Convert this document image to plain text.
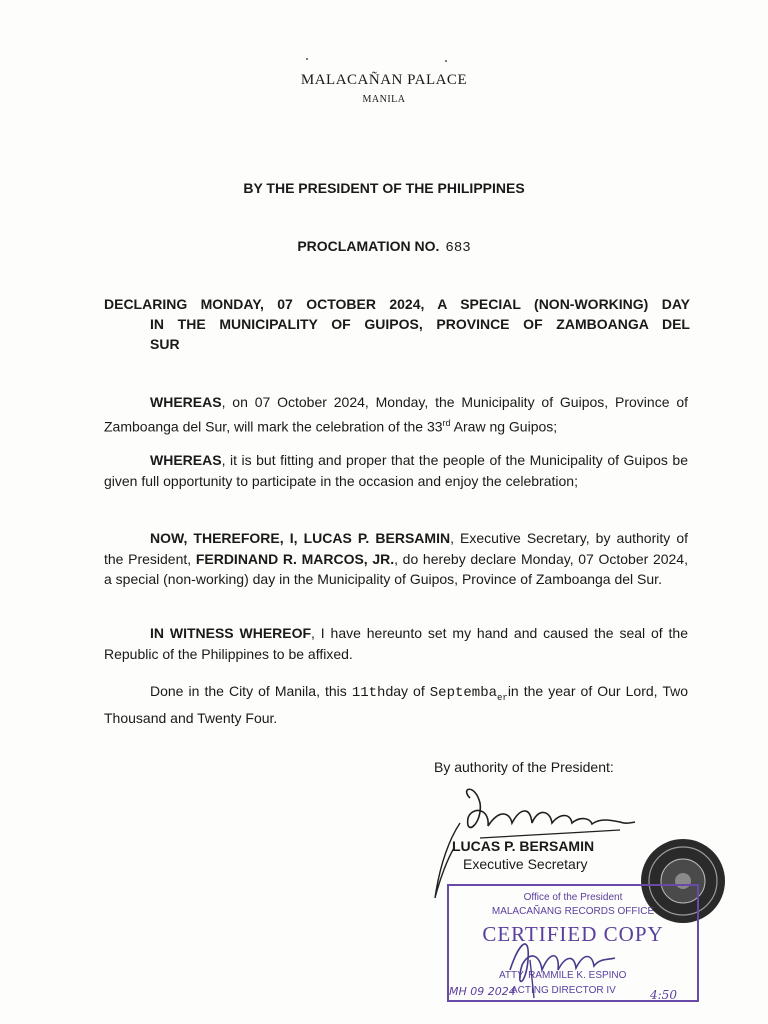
MALACAÑAN PALACE
MANILA
BY THE PRESIDENT OF THE PHILIPPINES
PROCLAMATION NO. 683
DECLARING MONDAY, 07 OCTOBER 2024, A SPECIAL (NON-WORKING) DAY
IN THE MUNICIPALITY OF GUIPOS, PROVINCE OF ZAMBOANGA DEL
SUR
WHEREAS, on 07 October 2024, Monday, the Municipality of Guipos, Province of Zamboanga del Sur, will mark the celebration of the 33rd Araw ng Guipos;
WHEREAS, it is but fitting and proper that the people of the Municipality of Guipos be given full opportunity to participate in the occasion and enjoy the celebration;
NOW, THEREFORE, I, LUCAS P. BERSAMIN, Executive Secretary, by authority of the President, FERDINAND R. MARCOS, JR., do hereby declare Monday, 07 October 2024, a special (non-working) day in the Municipality of Guipos, Province of Zamboanga del Sur.
IN WITNESS WHEREOF, I have hereunto set my hand and caused the seal of the Republic of the Philippines to be affixed.
Done in the City of Manila, this 11thday of Septemba$_{er}$in the year of Our Lord, Two Thousand and Twenty Four.
By authority of the President:
LUCAS P. BERSAMIN
Executive Secretary
Office of the President
MALACAÑANG RECORDS OFFICE
CERTIFIED COPY
ATTY. RAMMILE K. ESPINO
ACTING DIRECTOR IV
MH 09 2024	4:50
